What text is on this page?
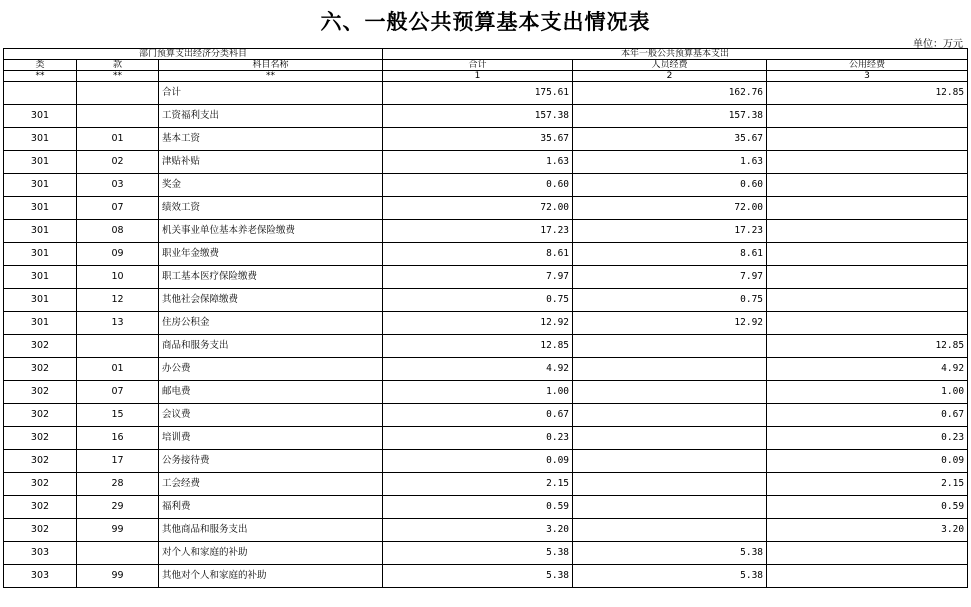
六、一般公共预算基本支出情况表
单位：万元
部门预算支出经济分类科目			本年一般公共预算基本支出		
类	款	科目名称	合计	人员经费	公用经费
**	**	**	1	2	3
		合计	175.61	162.76	12.85
301		工资福利支出	157.38	157.38	
301	01	基本工资	35.67	35.67	
301	02	津贴补贴	1.63	1.63	
301	03	奖金	0.60	0.60	
301	07	绩效工资	72.00	72.00	
301	08	机关事业单位基本养老保险缴费	17.23	17.23	
301	09	职业年金缴费	8.61	8.61	
301	10	职工基本医疗保险缴费	7.97	7.97	
301	12	其他社会保障缴费	0.75	0.75	
301	13	住房公积金	12.92	12.92	
302		商品和服务支出	12.85		12.85
302	01	办公费	4.92		4.92
302	07	邮电费	1.00		1.00
302	15	会议费	0.67		0.67
302	16	培训费	0.23		0.23
302	17	公务接待费	0.09		0.09
302	28	工会经费	2.15		2.15
302	29	福利费	0.59		0.59
302	99	其他商品和服务支出	3.20		3.20
303		对个人和家庭的补助	5.38	5.38	
303	99	其他对个人和家庭的补助	5.38	5.38	
